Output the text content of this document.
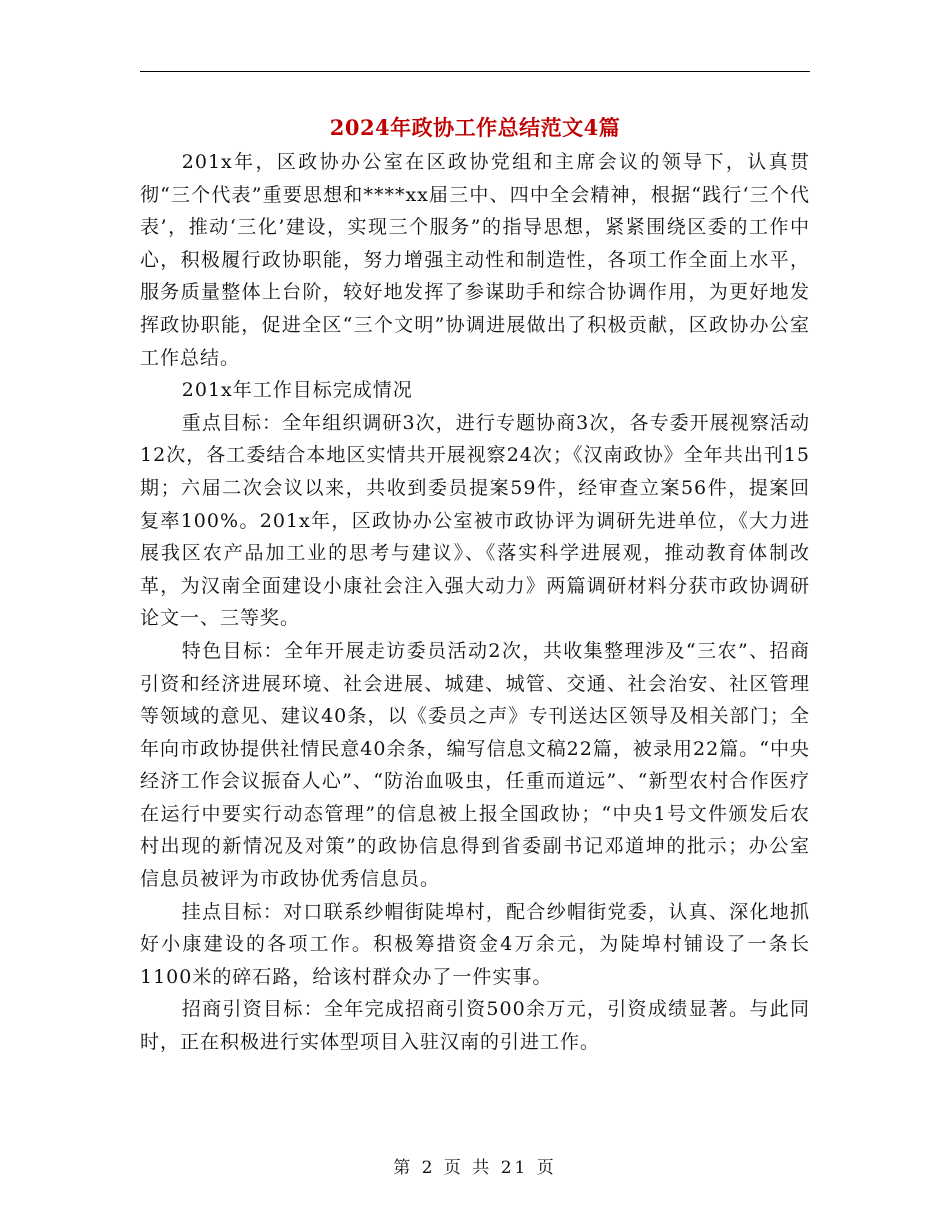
2024年政协工作总结范文4篇

201x年，区政协办公室在区政协党组和主席会议的领导下，认真贯彻“三个代表”重要思想和****xx届三中、四中全会精神，根据“践行‘三个代表’，推动‘三化’建设，实现三个服务”的指导思想，紧紧围绕区委的工作中心，积极履行政协职能，努力增强主动性和制造性，各项工作全面上水平，服务质量整体上台阶，较好地发挥了参谋助手和综合协调作用，为更好地发挥政协职能，促进全区“三个文明”协调进展做出了积极贡献，区政协办公室工作总结。

201x年工作目标完成情况

重点目标：全年组织调研3次，进行专题协商3次，各专委开展视察活动12次，各工委结合本地区实情共开展视察24次；《汉南政协》全年共出刊15期；六届二次会议以来，共收到委员提案59件，经审查立案56件，提案回复率100%。201x年，区政协办公室被市政协评为调研先进单位，《大力进展我区农产品加工业的思考与建议》、《落实科学进展观，推动教育体制改革，为汉南全面建设小康社会注入强大动力》两篇调研材料分获市政协调研论文一、三等奖。

特色目标：全年开展走访委员活动2次，共收集整理涉及“三农”、招商引资和经济进展环境、社会进展、城建、城管、交通、社会治安、社区管理等领域的意见、建议40条，以《委员之声》专刊送达区领导及相关部门；全年向市政协提供社情民意40余条，编写信息文稿22篇，被录用22篇。“中央经济工作会议振奋人心”、“防治血吸虫，任重而道远”、“新型农村合作医疗在运行中要实行动态管理”的信息被上报全国政协；“中央1号文件颁发后农村出现的新情况及对策”的政协信息得到省委副书记邓道坤的批示；办公室信息员被评为市政协优秀信息员。

挂点目标：对口联系纱帽街陡埠村，配合纱帽街党委，认真、深化地抓好小康建设的各项工作。积极筹措资金4万余元，为陡埠村铺设了一条长1100米的碎石路，给该村群众办了一件实事。

招商引资目标：全年完成招商引资500余万元，引资成绩显著。与此同时，正在积极进行实体型项目入驻汉南的引进工作。

第 2 页 共 21 页
